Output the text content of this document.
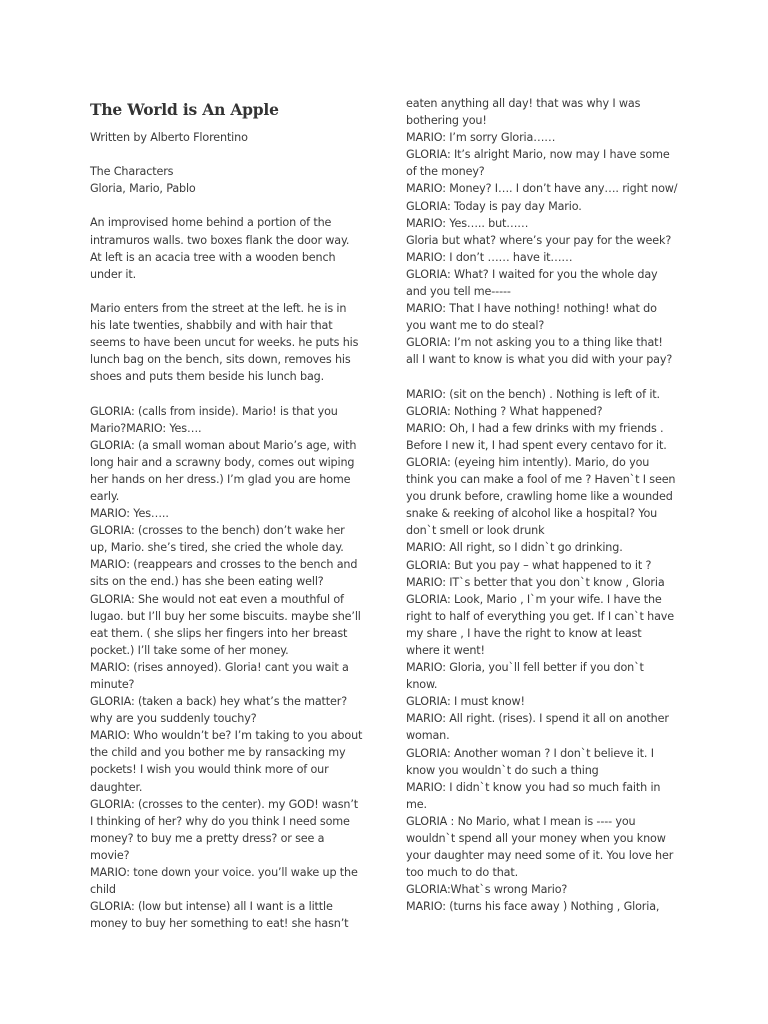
The World is An Apple
Written by Alberto Florentino
The Characters
Gloria, Mario, Pablo
An improvised home behind a portion of the
intramuros walls. two boxes flank the door way.
At left is an acacia tree with a wooden bench
under it.
Mario enters from the street at the left. he is in
his late twenties, shabbily and with hair that
seems to have been uncut for weeks. he puts his
lunch bag on the bench, sits down, removes his
shoes and puts them beside his lunch bag.
GLORIA: (calls from inside). Mario! is that you
Mario?MARIO: Yes….
GLORIA: (a small woman about Mario’s age, with
long hair and a scrawny body, comes out wiping
her hands on her dress.) I’m glad you are home
early.
MARIO: Yes…..
GLORIA: (crosses to the bench) don’t wake her
up, Mario. she’s tired, she cried the whole day.
MARIO: (reappears and crosses to the bench and
sits on the end.) has she been eating well?
GLORIA: She would not eat even a mouthful of
lugao. but I’ll buy her some biscuits. maybe she’ll
eat them. ( she slips her fingers into her breast
pocket.) I’ll take some of her money.
MARIO: (rises annoyed). Gloria! cant you wait a
minute?
GLORIA: (taken a back) hey what’s the matter?
why are you suddenly touchy?
MARIO: Who wouldn’t be? I’m taking to you about
the child and you bother me by ransacking my
pockets! I wish you would think more of our
daughter.
GLORIA: (crosses to the center). my GOD! wasn’t
I thinking of her? why do you think I need some
money? to buy me a pretty dress? or see a
movie?
MARIO: tone down your voice. you’ll wake up the
child
GLORIA: (low but intense) all I want is a little
money to buy her something to eat! she hasn’t
eaten anything all day! that was why I was
bothering you!
MARIO: I’m sorry Gloria……
GLORIA: It’s alright Mario, now may I have some
of the money?
MARIO: Money? I…. I don’t have any…. right now/
GLORIA: Today is pay day Mario.
MARIO: Yes….. but……
Gloria but what? where’s your pay for the week?
MARIO: I don’t …… have it……
GLORIA: What? I waited for you the whole day
and you tell me-----
MARIO: That I have nothing! nothing! what do
you want me to do steal?
GLORIA: I’m not asking you to a thing like that!
all I want to know is what you did with your pay?
MARIO: (sit on the bench) . Nothing is left of it.
GLORIA: Nothing ? What happened?
MARIO: Oh, I had a few drinks with my friends .
Before I new it, I had spent every centavo for it.
GLORIA: (eyeing him intently). Mario, do you
think you can make a fool of me ? Haven`t I seen
you drunk before, crawling home like a wounded
snake & reeking of alcohol like a hospital? You
don`t smell or look drunk
MARIO: All right, so I didn`t go drinking.
GLORIA: But you pay – what happened to it ?
MARIO: IT`s better that you don`t know , Gloria
GLORIA: Look, Mario , I`m your wife. I have the
right to half of everything you get. If I can`t have
my share , I have the right to know at least
where it went!
MARIO: Gloria, you`ll fell better if you don`t
know.
GLORIA: I must know!
MARIO: All right. (rises). I spend it all on another
woman.
GLORIA: Another woman ? I don`t believe it. I
know you wouldn`t do such a thing
MARIO: I didn`t know you had so much faith in
me.
GLORIA : No Mario, what I mean is ---- you
wouldn`t spend all your money when you know
your daughter may need some of it. You love her
too much to do that.
GLORIA:What`s wrong Mario?
MARIO: (turns his face away ) Nothing , Gloria,
